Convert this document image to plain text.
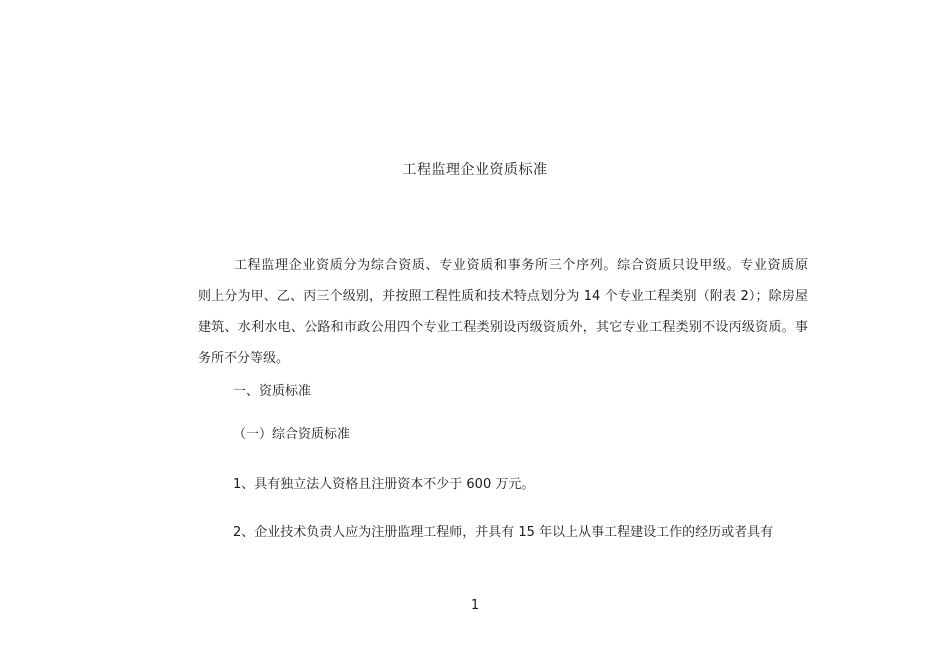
工程监理企业资质标准
工程监理企业资质分为综合资质、专业资质和事务所三个序列。综合资质只设甲级。专业资质原
则上分为甲、乙、丙三个级别，并按照工程性质和技术特点划分为 14 个专业工程类别（附表 2）；除房屋
建筑、水利水电、公路和市政公用四个专业工程类别设丙级资质外，其它专业工程类别不设丙级资质。事
务所不分等级。
一、资质标准
（一）综合资质标准
1、具有独立法人资格且注册资本不少于 600 万元。
2、企业技术负责人应为注册监理工程师，并具有 15 年以上从事工程建设工作的经历或者具有
1
